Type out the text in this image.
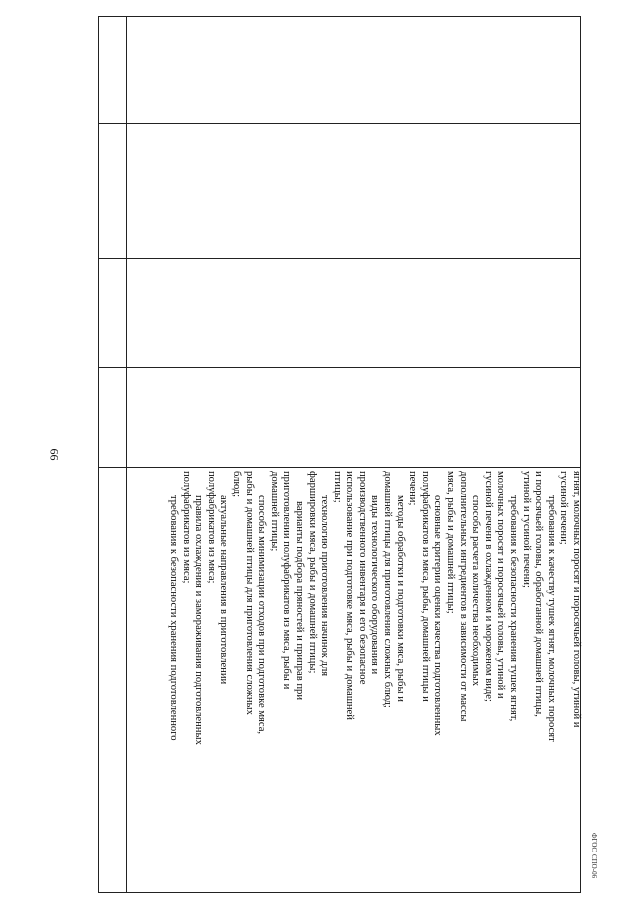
66

ягнят, молочных поросят и поросячьей головы, утиной и

гусиной печени;

требования к качеству тушек ягнят, молочных поросят

и поросячьей головы, обработанной домашней птицы,

утиной и гусиной печени;

требования к безопасности хранения тушек ягнят,

молочных поросят и поросячьей головы, утиной и

гусиной печени в охлажденном и мороженом виде;

способы расчета количества необходимых

дополнительных ингредиентов в зависимости от массы

мяса, рыбы и домашней птицы;

основные критерии оценки качества подготовленных

полуфабрикатов из мяса, рыбы, домашней птицы и

печени;

методы обработки и подготовки мяса, рыбы и

домашней птицы для приготовления сложных блюд;

виды технологического оборудования и

производственного инвентаря и его безопасное

использование при подготовке мяса, рыбы и домашней

птицы;

технологию приготовления начинок для

фаршировки мяса, рыбы и домашней птицы;

варианты подбора пряностей и приправ при

приготовлении полуфабрикатов из мяса, рыбы и

домашней птицы;

способы минимизации отходов при подготовке мяса,

рыбы и домашней птицы для приготовления сложных

блюд;

актуальные направления в приготовлении

полуфабрикатов из мяса;

правила охлаждения и замораживания подготовленных

полуфабрикатов из мяса;

требования к безопасности хранения подготовленного

ФГОС СПО-06
